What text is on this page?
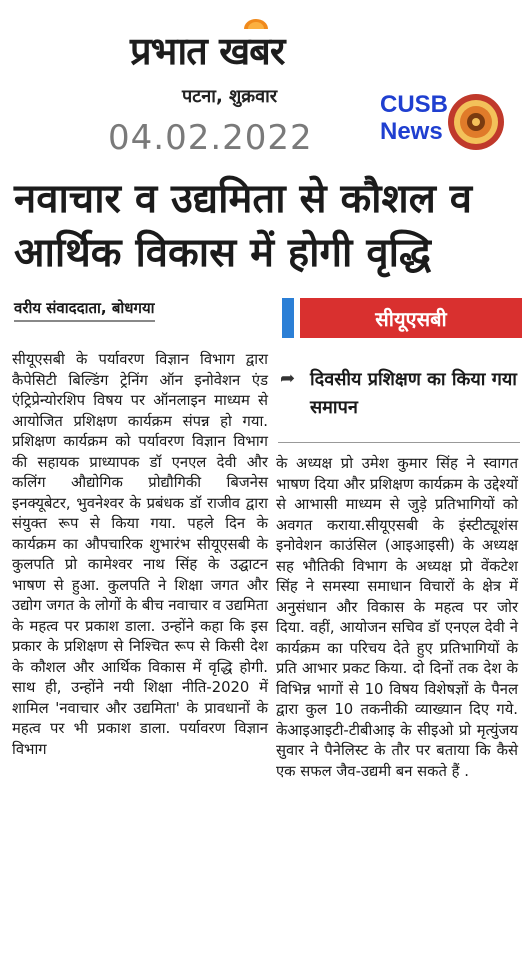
प्रभात खबर
पटना, शुक्रवार
04.02.2022
CUSB
News
नवाचार व उद्यमिता से कौशल व आर्थिक विकास में होगी वृद्धि
वरीय संवाददाता, बोधगया	सीयूएसबी

सीयूएसबी के पर्यावरण विज्ञान विभाग द्वारा कैपेसिटी बिल्डिंग ट्रेनिंग ऑन इनोवेशन एंड एंट्रिप्रेन्योरशिप विषय पर ऑनलाइन माध्यम से आयोजित प्रशिक्षण कार्यक्रम संपन्न हो गया. प्रशिक्षण कार्यक्रम को पर्यावरण विज्ञान विभाग की सहायक प्राध्यापक डॉ एनएल देवी और कलिंग औद्योगिक प्रोद्यौगिकी बिजनेस इनक्यूबेटर, भुवनेश्वर के प्रबंधक डॉ राजीव द्वारा संयुक्त रूप से किया गया. पहले दिन के कार्यक्रम का औपचारिक शुभारंभ सीयूएसबी के कुलपति प्रो कामेश्वर नाथ सिंह के उद्घाटन भाषण से हुआ. कुलपति ने शिक्षा जगत और उद्योग जगत के लोगों के बीच नवाचार व उद्यमिता के महत्व पर प्रकाश डाला. उन्होंने कहा कि इस प्रकार के प्रशिक्षण से निश्चित रूप से किसी देश के कौशल और आर्थिक विकास में वृद्धि होगी. साथ ही, उन्होंने नयी शिक्षा नीति-2020 में शामिल 'नवाचार और उद्यमिता' के प्रावधानों के महत्व पर भी प्रकाश डाला. पर्यावरण विज्ञान विभाग

➦ दिवसीय प्रशिक्षण का किया गया समापन

के अध्यक्ष प्रो उमेश कुमार सिंह ने स्वागत भाषण दिया और प्रशिक्षण कार्यक्रम के उद्देश्यों से आभासी माध्यम से जुड़े प्रतिभागियों को अवगत कराया.सीयूएसबी के इंस्टीट्यूशंस इनोवेशन काउंसिल (आइआइसी) के अध्यक्ष सह भौतिकी विभाग के अध्यक्ष प्रो वेंकटेश सिंह ने समस्या समाधान विचारों के क्षेत्र में अनुसंधान और विकास के महत्व पर जोर दिया. वहीं, आयोजन सचिव डॉ एनएल देवी ने कार्यक्रम का परिचय देते हुए प्रतिभागियों के प्रति आभार प्रकट किया. दो दिनों तक देश के विभिन्न भागों से 10 विषय विशेषज्ञों के पैनल द्वारा कुल 10 तकनीकी व्याख्यान दिए गये. केआइआइटी-टीबीआइ के सीइओ प्रो मृत्युंजय सुवार ने पैनेलिस्ट के तौर पर बताया कि कैसे एक सफल जैव-उद्यमी बन सकते हैं .
